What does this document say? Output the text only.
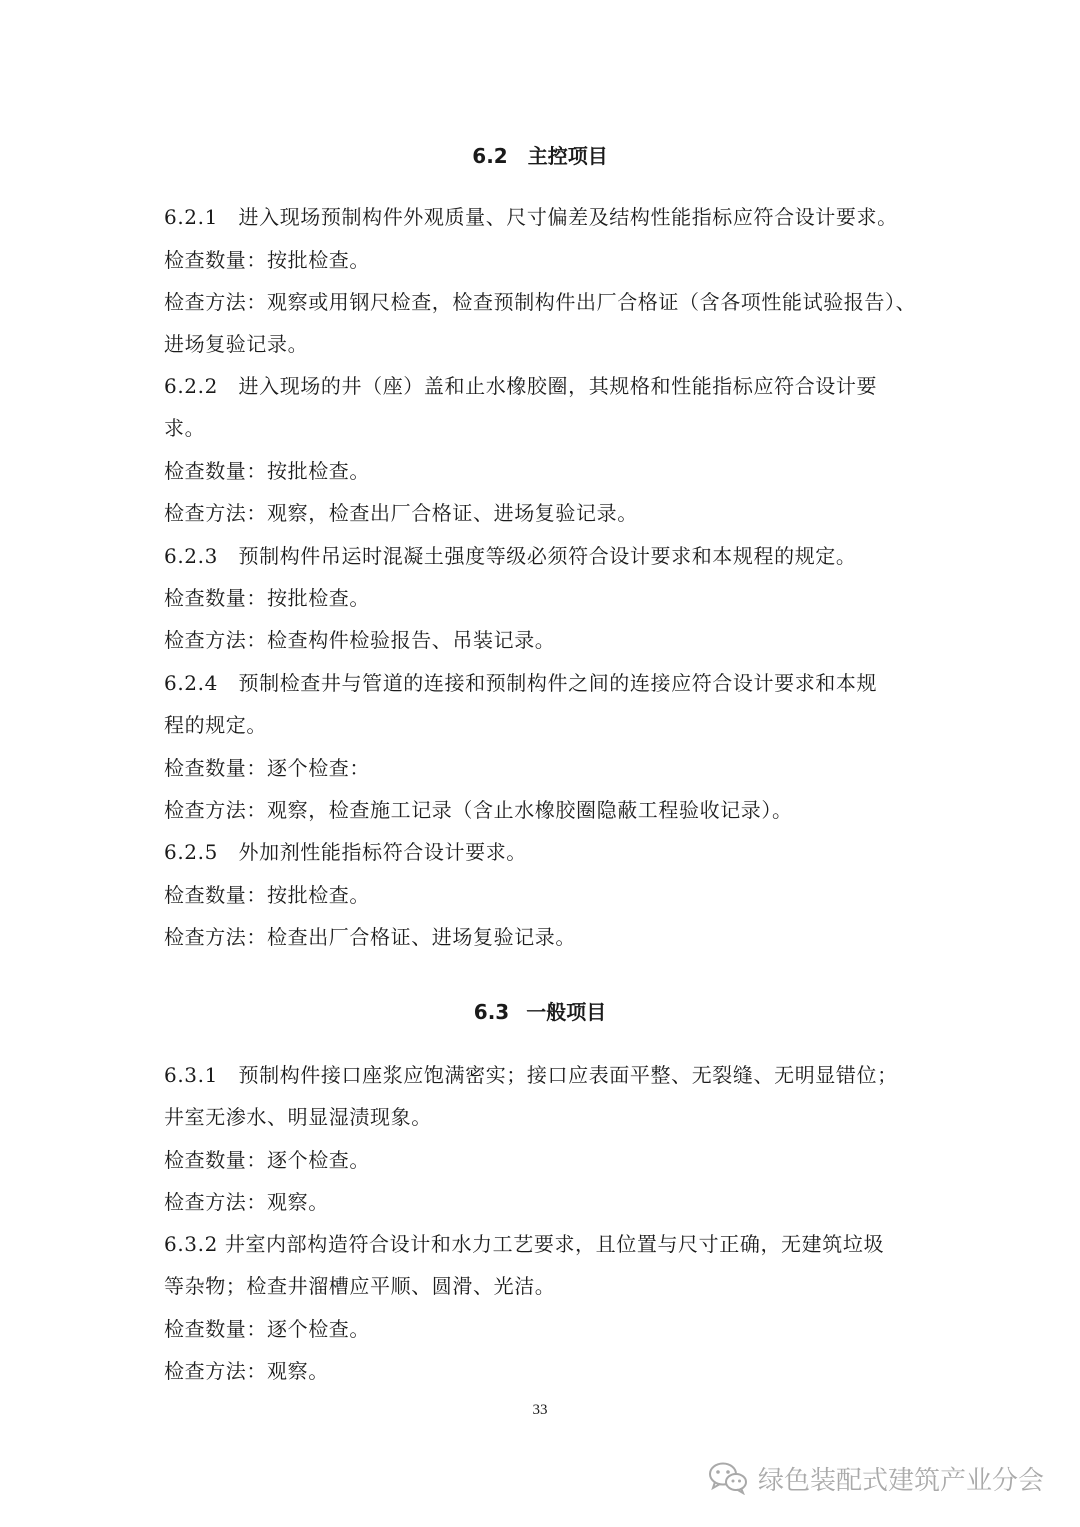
6.2　主控项目
6.2.1　进入现场预制构件外观质量、尺寸偏差及结构性能指标应符合设计要求。
检查数量：按批检查。
检查方法：观察或用钢尺检查，检查预制构件出厂合格证（含各项性能试验报告）、
进场复验记录。
6.2.2　进入现场的井（座）盖和止水橡胶圈，其规格和性能指标应符合设计要
求。
检查数量：按批检查。
检查方法：观察，检查出厂合格证、进场复验记录。
6.2.3　预制构件吊运时混凝土强度等级必须符合设计要求和本规程的规定。
检查数量：按批检查。
检查方法：检查构件检验报告、吊装记录。
6.2.4　预制检查井与管道的连接和预制构件之间的连接应符合设计要求和本规
程的规定。
检查数量：逐个检查：
检查方法：观察，检查施工记录（含止水橡胶圈隐蔽工程验收记录）。
6.2.5　外加剂性能指标符合设计要求。
检查数量：按批检查。
检查方法：检查出厂合格证、进场复验记录。
6.3 一般项目
6.3.1　预制构件接口座浆应饱满密实；接口应表面平整、无裂缝、无明显错位；
井室无渗水、明显湿渍现象。
检查数量：逐个检查。
检查方法：观察。
6.3.2 井室内部构造符合设计和水力工艺要求，且位置与尺寸正确，无建筑垃圾
等杂物；检查井溜槽应平顺、圆滑、光洁。
检查数量：逐个检查。
检查方法：观察。
33
绿色装配式建筑产业分会
